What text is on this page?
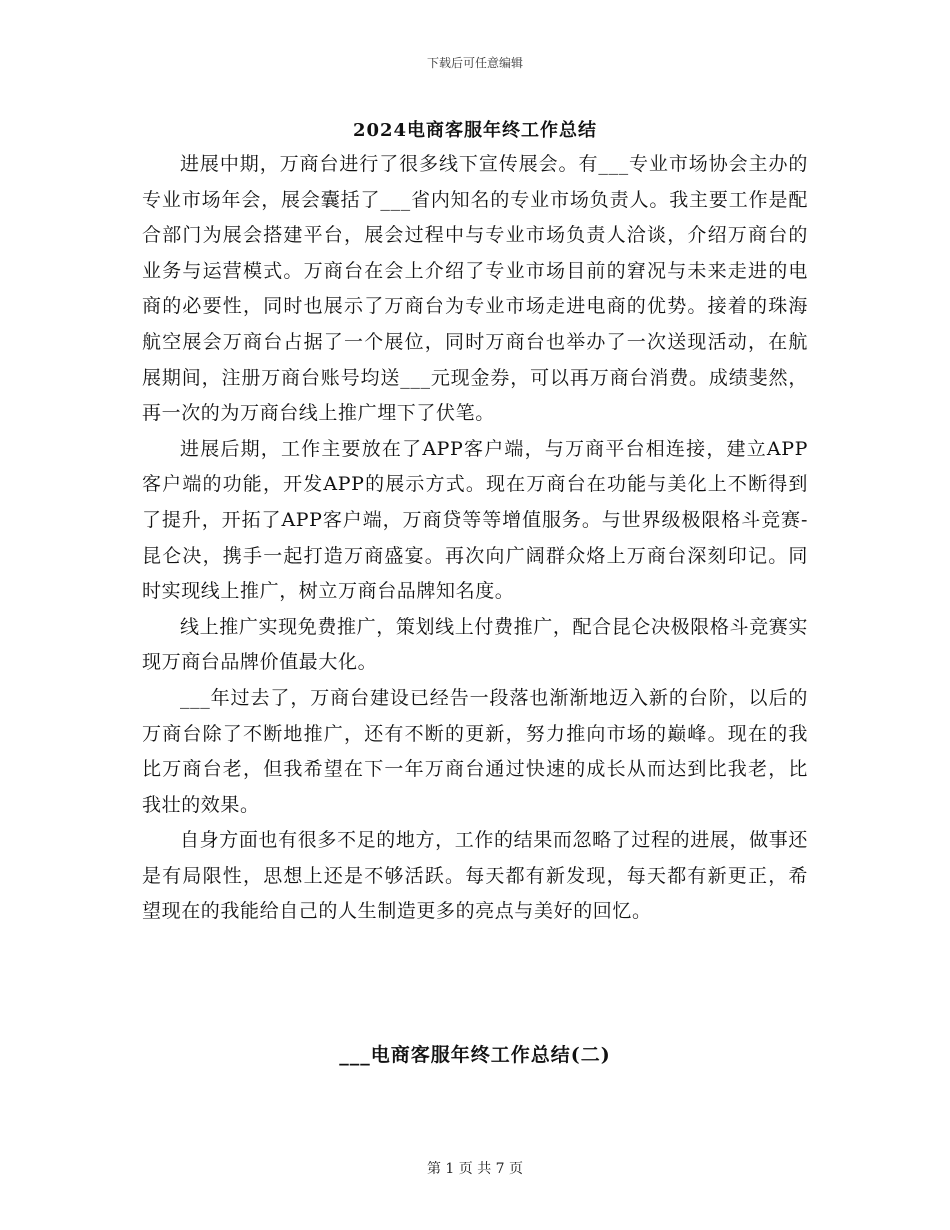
下载后可任意编辑
2024电商客服年终工作总结

进展中期，万商台进行了很多线下宣传展会。有___专业市场协会主办的专业市场年会，展会囊括了___省内知名的专业市场负责人。我主要工作是配合部门为展会搭建平台，展会过程中与专业市场负责人洽谈，介绍万商台的业务与运营模式。万商台在会上介绍了专业市场目前的窘况与未来走进的电商的必要性，同时也展示了万商台为专业市场走进电商的优势。接着的珠海航空展会万商台占据了一个展位，同时万商台也举办了一次送现活动，在航展期间，注册万商台账号均送___元现金券，可以再万商台消费。成绩斐然，再一次的为万商台线上推广埋下了伏笔。

进展后期，工作主要放在了APP客户端，与万商平台相连接，建立APP客户端的功能，开发APP的展示方式。现在万商台在功能与美化上不断得到了提升，开拓了APP客户端，万商贷等等增值服务。与世界级极限格斗竞赛-昆仑决，携手一起打造万商盛宴。再次向广阔群众烙上万商台深刻印记。同时实现线上推广，树立万商台品牌知名度。

线上推广实现免费推广，策划线上付费推广，配合昆仑决极限格斗竞赛实现万商台品牌价值最大化。

___年过去了，万商台建设已经告一段落也渐渐地迈入新的台阶，以后的万商台除了不断地推广，还有不断的更新，努力推向市场的巅峰。现在的我比万商台老，但我希望在下一年万商台通过快速的成长从而达到比我老，比我壮的效果。

自身方面也有很多不足的地方，工作的结果而忽略了过程的进展，做事还是有局限性，思想上还是不够活跃。每天都有新发现，每天都有新更正，希望现在的我能给自己的人生制造更多的亮点与美好的回忆。

___电商客服年终工作总结(二)
第 1 页 共 7 页
